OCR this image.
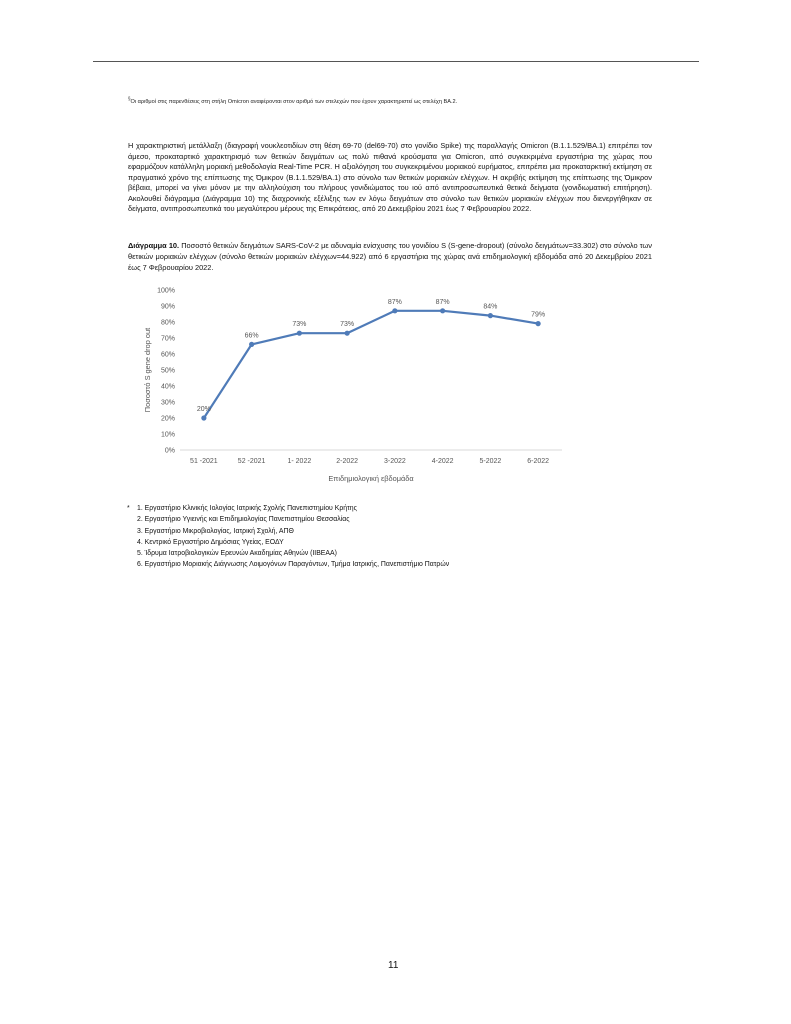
§Οι αριθμοί στις παρενθέσεις στη στήλη Omicron αναφέρονται στον αριθμό των στελεχών που έχουν χαρακτηριστεί ως στελέχη BA.2.
Η χαρακτηριστική μετάλλαξη (διαγραφή νουκλεοτιδίων στη θέση 69-70 (del69-70) στο γονίδιο Spike) της παραλλαγής Omicron (B.1.1.529/BA.1) επιτρέπει τον άμεσο, προκαταρτικό χαρακτηρισμό των θετικών δειγμάτων ως πολύ πιθανά κρούσματα για Omicron, από συγκεκριμένα εργαστήρια της χώρας που εφαρμόζουν κατάλληλη μοριακή μεθοδολογία Real-Time PCR. Η αξιολόγηση του συγκεκριμένου μοριακού ευρήματος, επιτρέπει μια προκαταρκτική εκτίμηση σε πραγματικό χρόνο της επίπτωσης της Όμικρον (B.1.1.529/BA.1) στο σύνολο των θετικών μοριακών ελέγχων. Η ακριβής εκτίμηση της επίπτωσης της Όμικρον βέβαια, μπορεί να γίνει μόνον με την αλληλούχιση του πλήρους γονιδιώματος του ιού από αντιπροσωπευτικά θετικά δείγματα (γονιδιωματική επιτήρηση). Ακολουθεί διάγραμμα (Διάγραμμα 10) της διαχρονικής εξέλιξης των εν λόγω δειγμάτων στο σύνολο των θετικών μοριακών ελέγχων που διενεργήθηκαν σε δείγματα, αντιπροσωπευτικά του μεγαλύτερου μέρους της Επικράτειας, από 20 Δεκεμβρίου 2021 έως 7 Φεβρουαρίου 2022.
Διάγραμμα 10. Ποσοστό θετικών δειγμάτων SARS-CoV-2 με αδυναμία ενίσχυσης του γονιδίου S (S-gene-dropout) (σύνολο δειγμάτων=33.302) στο σύνολο των θετικών μοριακών ελέγχων (σύνολο θετικών μοριακών ελέγχων=44.922) από 6 εργαστήρια της χώρας ανά επιδημιολογική εβδομάδα από 20 Δεκεμβρίου 2021 έως 7 Φεβρουαρίου 2022.
0%
10%
20%
30%
40%
50%
60%
70%
80%
90%
100%
51 -2021	52 -2021	1- 2022	2-2022	3-2022	4-2022	5-2022	6-2022
20%
66%
73%	73%
87%	87%
84%
79%
Ποσοστό S gene drop out
Επιδημιολογική εβδομάδα
* 1. Εργαστήριο Κλινικής Ιολογίας Ιατρικής Σχολής Πανεπιστημίου Κρήτης
2. Εργαστήριο Υγιεινής και Επιδημιολογίας Πανεπιστημίου Θεσσαλίας
3. Εργαστήριο Μικροβιολογίας, Ιατρική Σχολή, ΑΠΘ
4. Κεντρικό Εργαστήριο Δημόσιας Υγείας, ΕΟΔΥ
5. Ίδρυμα Ιατροβιολογικών Ερευνών Ακαδημίας Αθηνών (ΙΙΒΕΑΑ)
6. Εργαστήριο Μοριακής Διάγνωσης Λοιμογόνων Παραγόντων, Τμήμα Ιατρικής, Πανεπιστήμιο Πατρών
11
